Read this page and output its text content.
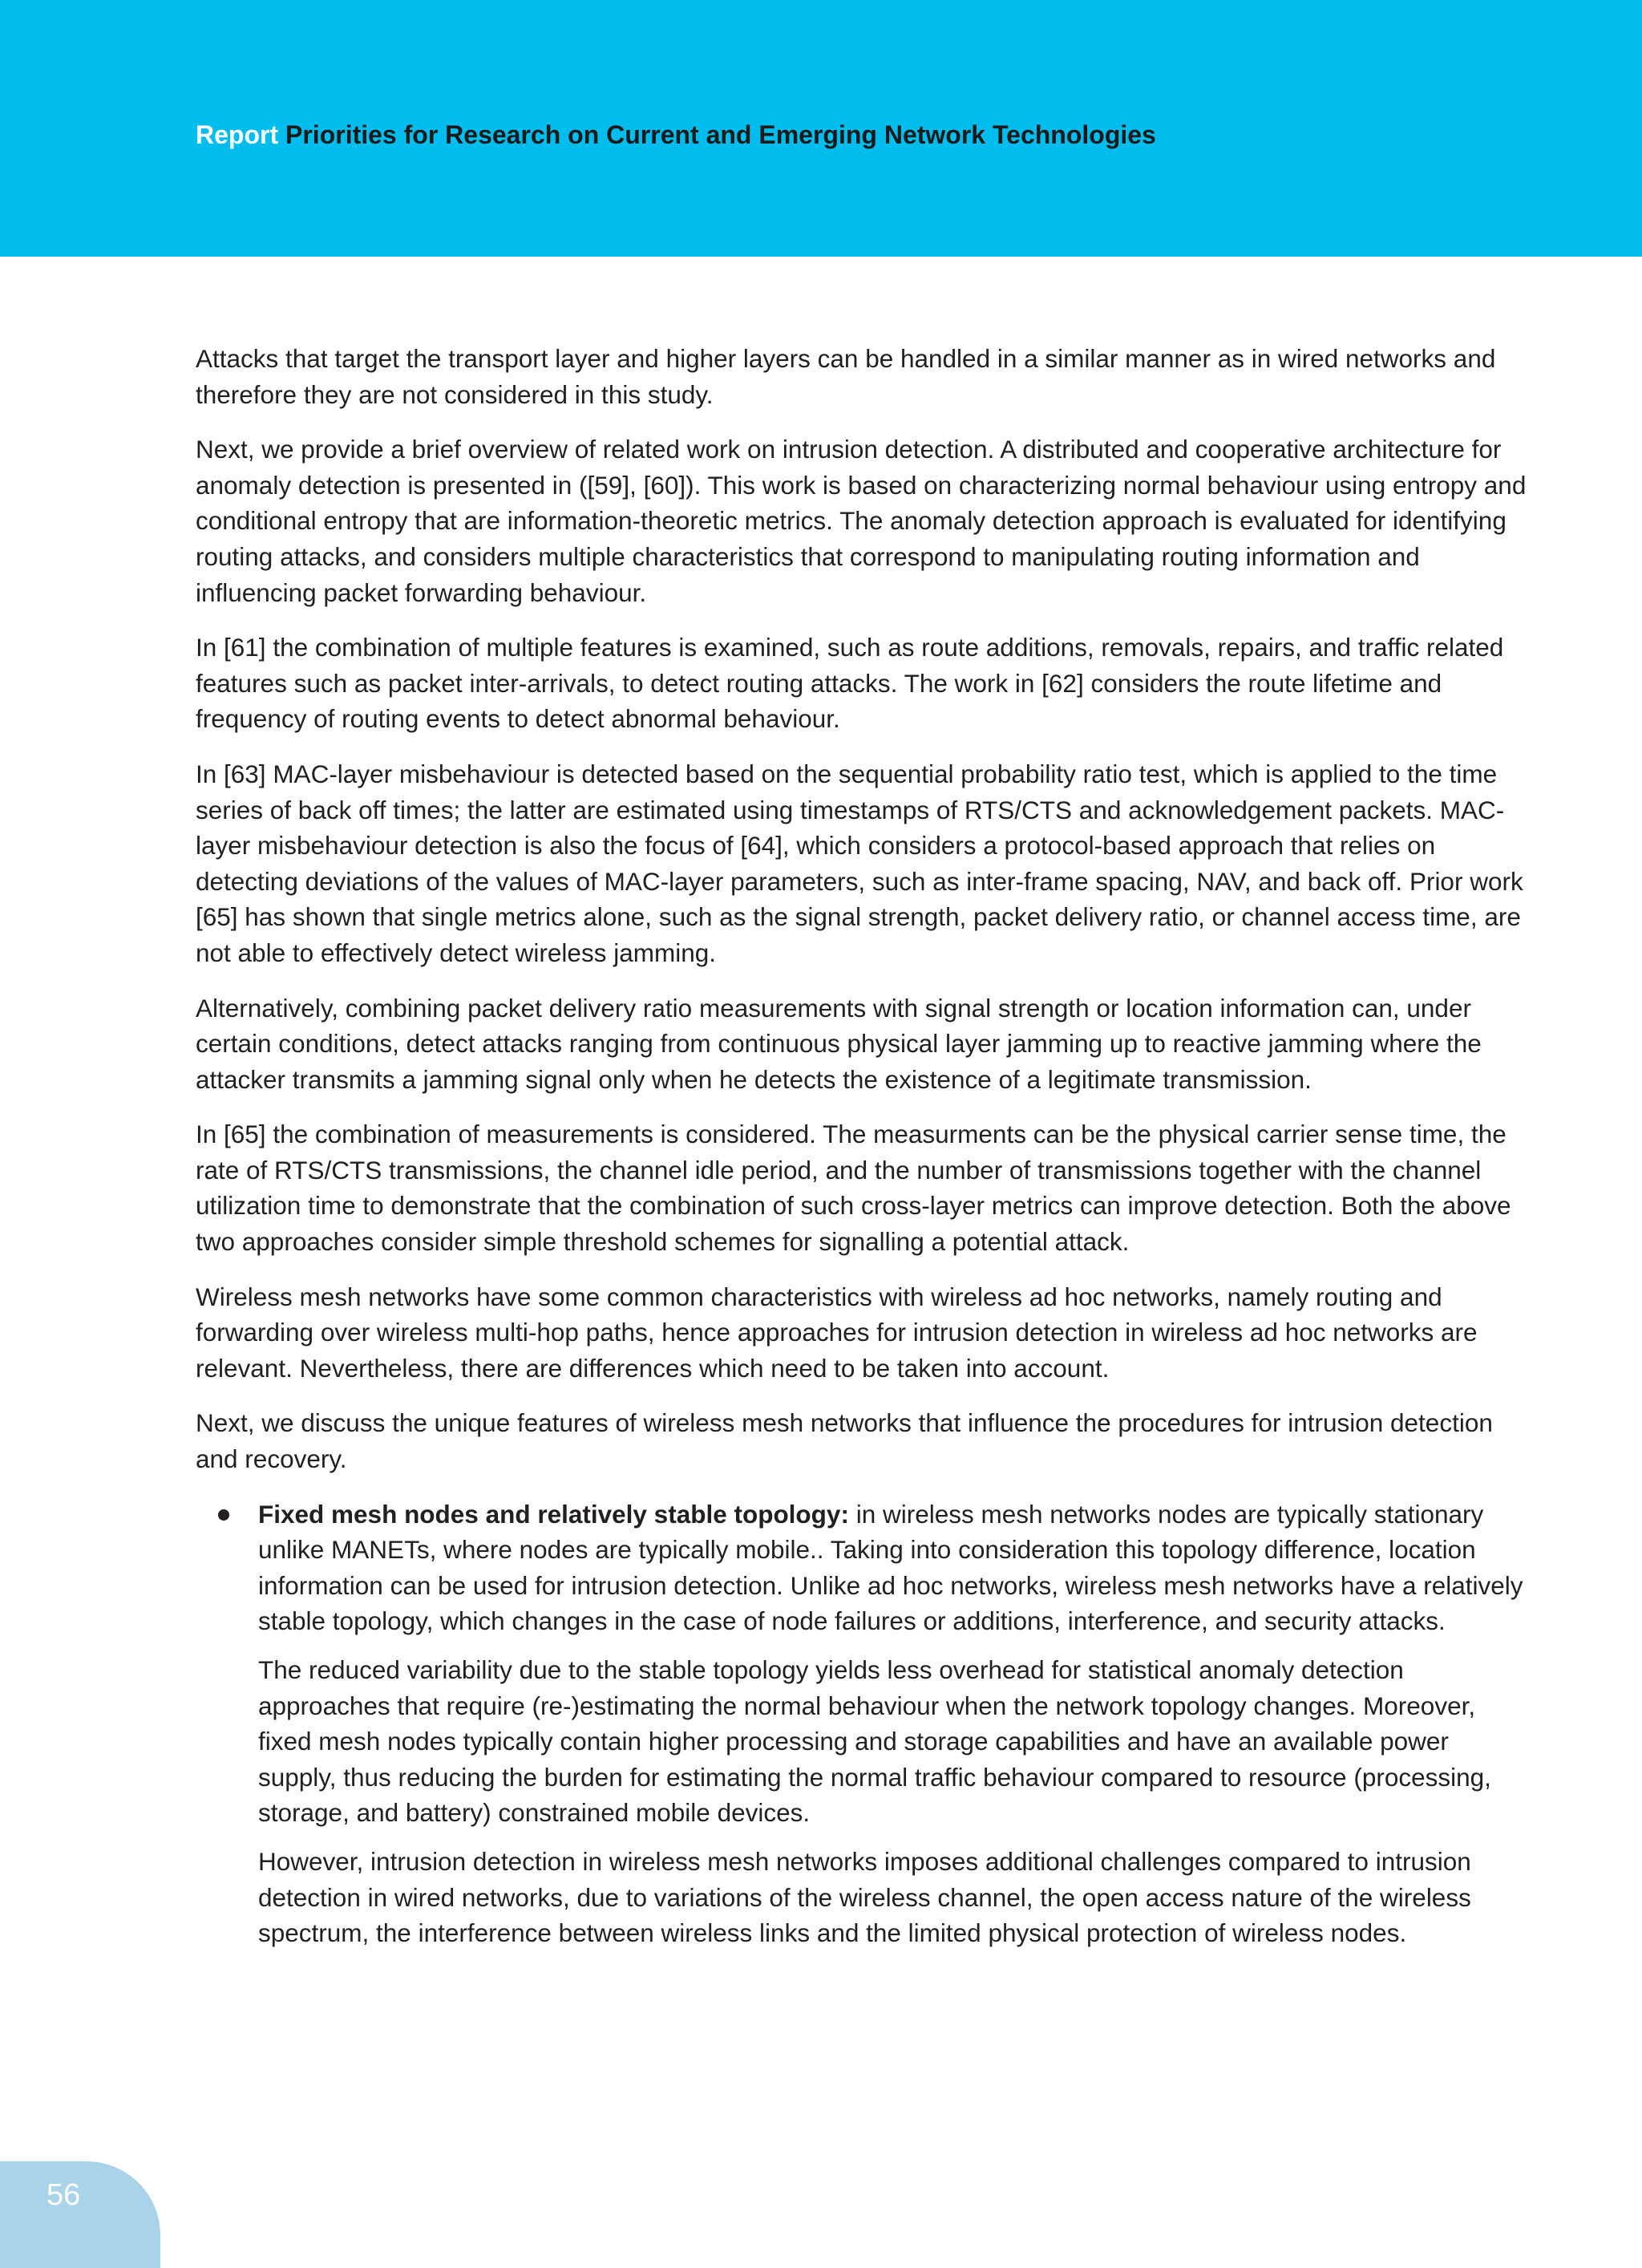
Report Priorities for Research on Current and Emerging Network Technologies

Attacks that target the transport layer and higher layers can be handled in a similar manner as in wired networks and therefore they are not considered in this study.

Next, we provide a brief overview of related work on intrusion detection. A distributed and cooperative architecture for anomaly detection is presented in ([59], [60]). This work is based on characterizing normal behaviour using entropy and conditional entropy that are information-theoretic metrics. The anomaly detection approach is evaluated for identifying routing attacks, and considers multiple characteristics that correspond to manipulating routing information and influencing packet forwarding behaviour.

In [61] the combination of multiple features is examined, such as route additions, removals, repairs, and traffic related features such as packet inter-arrivals, to detect routing attacks. The work in [62] considers the route lifetime and frequency of routing events to detect abnormal behaviour.

In [63] MAC-layer misbehaviour is detected based on the sequential probability ratio test, which is applied to the time series of back off times; the latter are estimated using timestamps of RTS/CTS and acknowledgement packets. MAC-layer misbehaviour detection is also the focus of [64], which considers a protocol-based approach that relies on detecting deviations of the values of MAC-layer parameters, such as inter-frame spacing, NAV, and back off. Prior work [65] has shown that single metrics alone, such as the signal strength, packet delivery ratio, or channel access time, are not able to effectively detect wireless jamming.

Alternatively, combining packet delivery ratio measurements with signal strength or location information can, under certain conditions, detect attacks ranging from continuous physical layer jamming up to reactive jamming where the attacker transmits a jamming signal only when he detects the existence of a legitimate transmission.

In [65] the combination of measurements is considered. The measurments can be the physical carrier sense time, the rate of RTS/CTS transmissions, the channel idle period, and the number of transmissions together with the channel utilization time to demonstrate that the combination of such cross-layer metrics can improve detection. Both the above two approaches consider simple threshold schemes for signalling a potential attack.

Wireless mesh networks have some common characteristics with wireless ad hoc networks, namely routing and forwarding over wireless multi-hop paths, hence approaches for intrusion detection in wireless ad hoc networks are relevant. Nevertheless, there are differences which need to be taken into account.

Next, we discuss the unique features of wireless mesh networks that influence the procedures for intrusion detection and recovery.

Fixed mesh nodes and relatively stable topology: in wireless mesh networks nodes are typically stationary unlike MANETs, where nodes are typically mobile.. Taking into consideration this topology difference, location information can be used for intrusion detection. Unlike ad hoc networks, wireless mesh networks have a relatively stable topology, which changes in the case of node failures or additions, interference, and security attacks.

The reduced variability due to the stable topology yields less overhead for statistical anomaly detection approaches that require (re-)estimating the normal behaviour when the network topology changes. Moreover, fixed mesh nodes typically contain higher processing and storage capabilities and have an available power supply, thus reducing the burden for estimating the normal traffic behaviour compared to resource (processing, storage, and battery) constrained mobile devices.

However, intrusion detection in wireless mesh networks imposes additional challenges compared to intrusion detection in wired networks, due to variations of the wireless channel, the open access nature of the wireless spectrum, the interference between wireless links and the limited physical protection of wireless nodes.

56
